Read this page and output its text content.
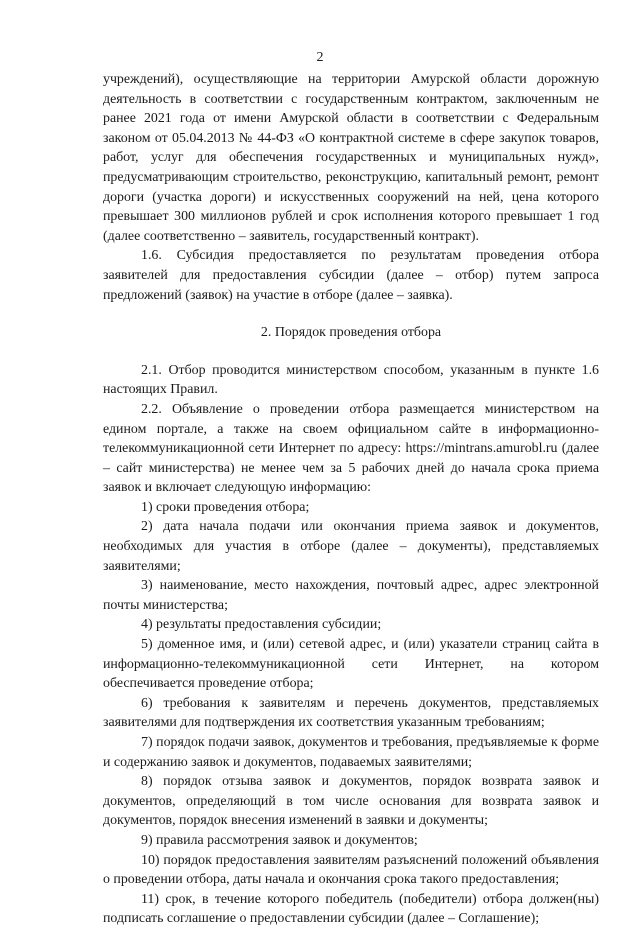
2

учреждений), осуществляющие на территории Амурской области дорожную деятельность в соответствии с государственным контрактом, заключенным не ранее 2021 года от имени Амурской области в соответствии с Федеральным законом от 05.04.2013 № 44-ФЗ «О контрактной системе в сфере закупок товаров, работ, услуг для обеспечения государственных и муниципальных нужд», предусматривающим строительство, реконструкцию, капитальный ремонт, ремонт дороги (участка дороги) и искусственных сооружений на ней, цена которого превышает 300 миллионов рублей и срок исполнения которого превышает 1 год (далее соответственно – заявитель, государственный контракт).

1.6. Субсидия предоставляется по результатам проведения отбора заявителей для предоставления субсидии (далее – отбор) путем запроса предложений (заявок) на участие в отборе (далее – заявка).

2. Порядок проведения отбора

2.1. Отбор проводится министерством способом, указанным в пункте 1.6 настоящих Правил.

2.2. Объявление о проведении отбора размещается министерством на едином портале, а также на своем официальном сайте в информационно-телекоммуникационной сети Интернет по адресу: https://mintrans.amurobl.ru (далее – сайт министерства) не менее чем за 5 рабочих дней до начала срока приема заявок и включает следующую информацию:

1) сроки проведения отбора;

2) дата начала подачи или окончания приема заявок и документов, необходимых для участия в отборе (далее – документы), представляемых заявителями;

3) наименование, место нахождения, почтовый адрес, адрес электронной почты министерства;

4) результаты предоставления субсидии;

5) доменное имя, и (или) сетевой адрес, и (или) указатели страниц сайта в информационно-телекоммуникационной сети Интернет, на котором обеспечивается проведение отбора;

6) требования к заявителям и перечень документов, представляемых заявителями для подтверждения их соответствия указанным требованиям;

7) порядок подачи заявок, документов и требования, предъявляемые к форме и содержанию заявок и документов, подаваемых заявителями;

8) порядок отзыва заявок и документов, порядок возврата заявок и документов, определяющий в том числе основания для возврата заявок и документов, порядок внесения изменений в заявки и документы;

9) правила рассмотрения заявок и документов;

10) порядок предоставления заявителям разъяснений положений объявления о проведении отбора, даты начала и окончания срока такого предоставления;

11) срок, в течение которого победитель (победители) отбора должен(ны) подписать соглашение о предоставлении субсидии (далее – Соглашение);
